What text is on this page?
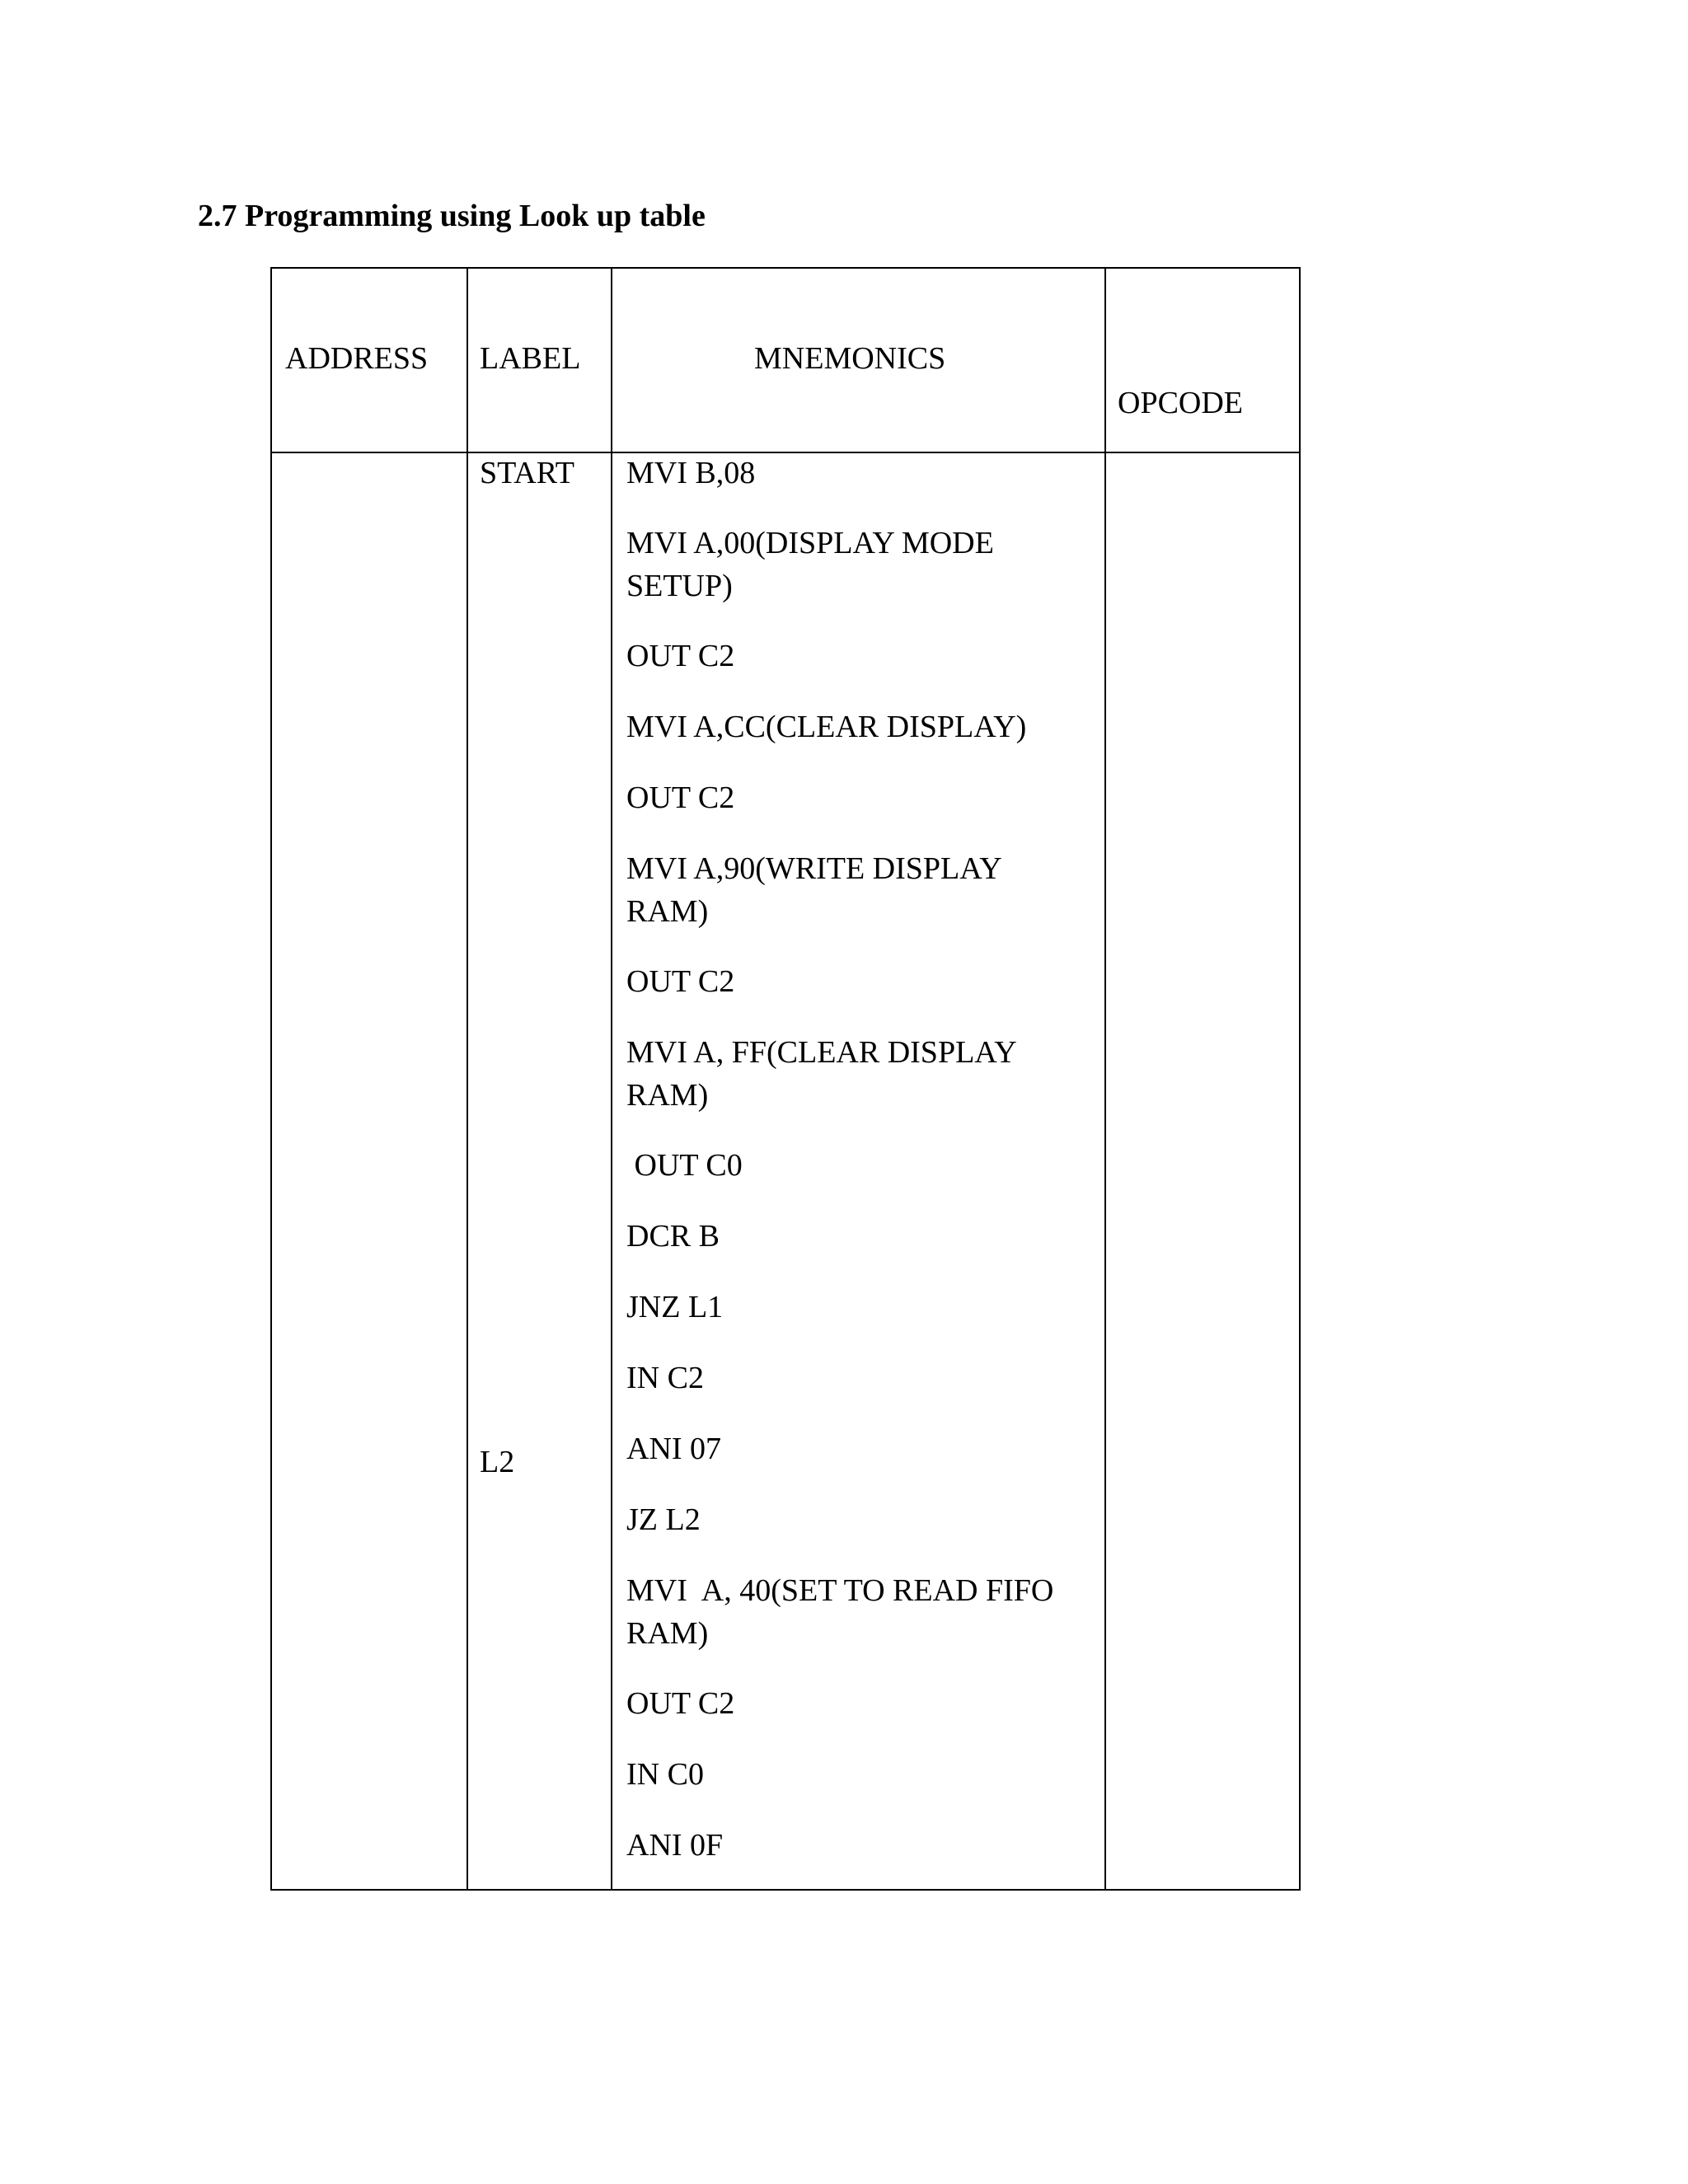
2.7 Programming using Look up table
ADDRESS LABEL	MNEMONICS
OPCODE
START
L2
MVI B,08
MVI A,00(DISPLAY MODE SETUP)
OUT C2
MVI A,CC(CLEAR DISPLAY)
OUT C2
MVI A,90(WRITE DISPLAY RAM)
OUT C2
MVI A, FF(CLEAR DISPLAY RAM)
OUT C0
DCR B
JNZ L1
IN C2
ANI 07
JZ L2
MVI  A, 40(SET TO READ FIFO RAM)
OUT C2
IN C0
ANI 0F
